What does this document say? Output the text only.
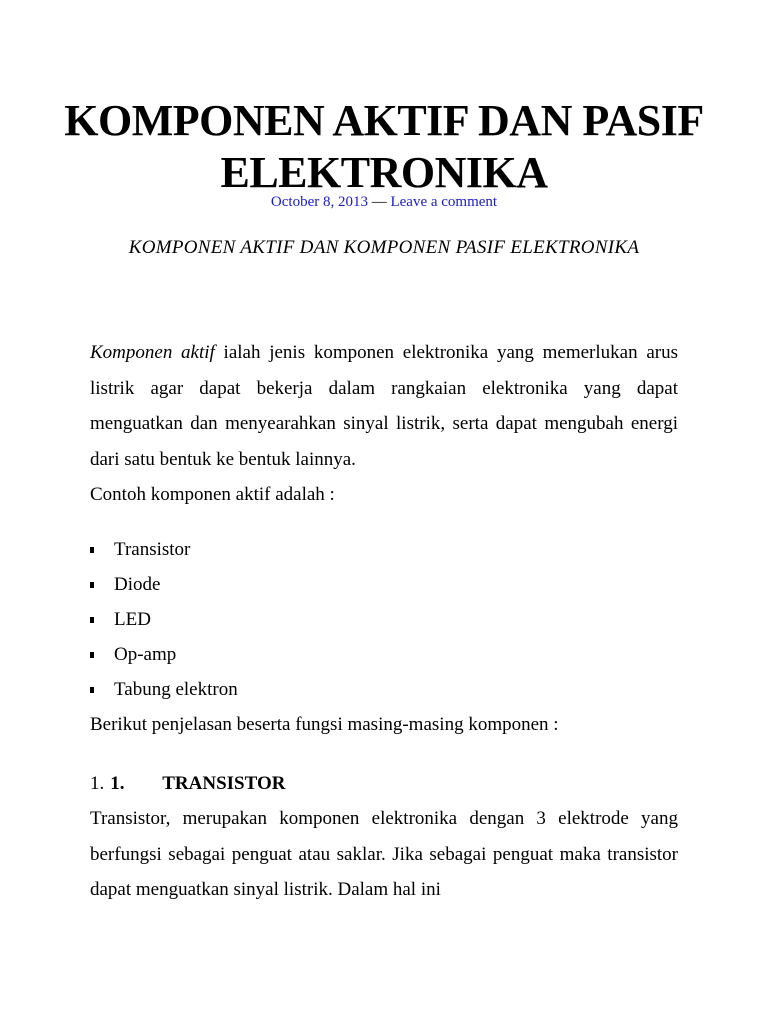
KOMPONEN AKTIF DAN PASIF ELEKTRONIKA
October 8, 2013 — Leave a comment
KOMPONEN AKTIF DAN KOMPONEN PASIF ELEKTRONIKA

Komponen aktif ialah jenis komponen elektronika yang memerlukan arus listrik agar dapat bekerja dalam rangkaian elektronika yang dapat menguatkan dan menyearahkan sinyal listrik, serta dapat mengubah energi dari satu bentuk ke bentuk lainnya.

Contoh komponen aktif adalah :
Transistor
Diode
LED
Op-amp
Tabung elektron
Berikut penjelasan beserta fungsi masing-masing komponen :
1. 1. TRANSISTOR

Transistor, merupakan komponen elektronika dengan 3 elektrode yang berfungsi sebagai penguat atau saklar. Jika sebagai penguat maka transistor dapat menguatkan sinyal listrik. Dalam hal ini
